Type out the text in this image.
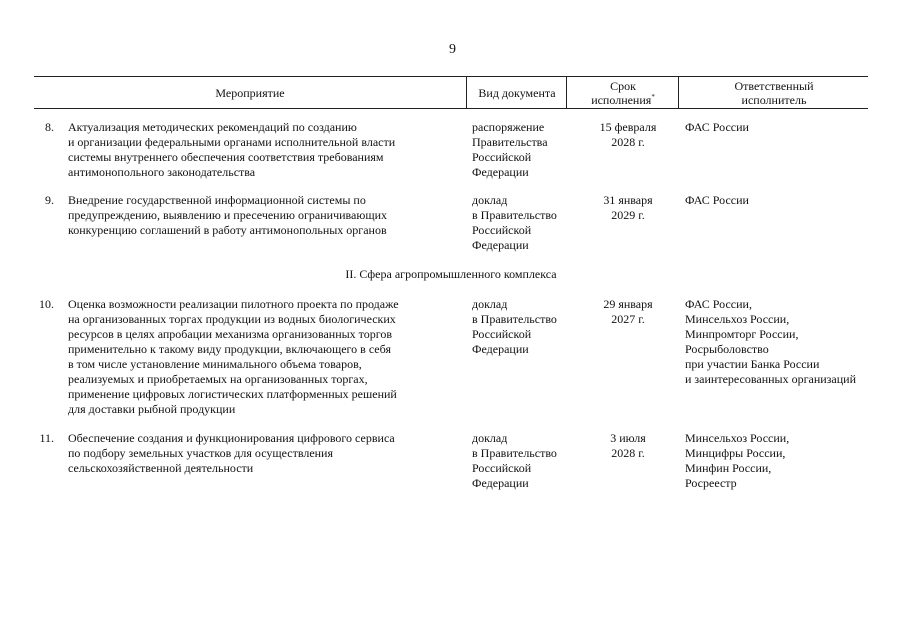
9
Мероприятие	Вид документа	Срок
исполнения*
Ответственный
исполнитель
8. Актуализация методических рекомендаций по созданию
и организации федеральными органами исполнительной власти
системы внутреннего обеспечения соответствия требованиям
антимонопольного законодательства
распоряжение
Правительства
Российской
Федерации
15 февраля
2028 г.
ФАС России
9. Внедрение государственной информационной системы по
предупреждению, выявлению и пресечению ограничивающих
конкуренцию соглашений в работу антимонопольных органов
доклад
в Правительство
Российской
Федерации
31 января
2029 г.
ФАС России
II. Сфера агропромышленного комплекса
10. Оценка возможности реализации пилотного проекта по продаже
на организованных торгах продукции из водных биологических
ресурсов в целях апробации механизма организованных торгов
применительно к такому виду продукции, включающего в себя
в том числе установление минимального объема товаров,
реализуемых и приобретаемых на организованных торгах,
применение цифровых логистических платформенных решений
для доставки рыбной продукции
доклад
в Правительство
Российской
Федерации
29 января
2027 г.
ФАС России,
Минсельхоз России,
Минпромторг России,
Росрыболовство
при участии Банка России
и заинтересованных организаций
11. Обеспечение создания и функционирования цифрового сервиса
по подбору земельных участков для осуществления
сельскохозяйственной деятельности
доклад
в Правительство
Российской
Федерации
3 июля
2028 г.
Минсельхоз России,
Минцифры России,
Минфин России,
Росреестр
